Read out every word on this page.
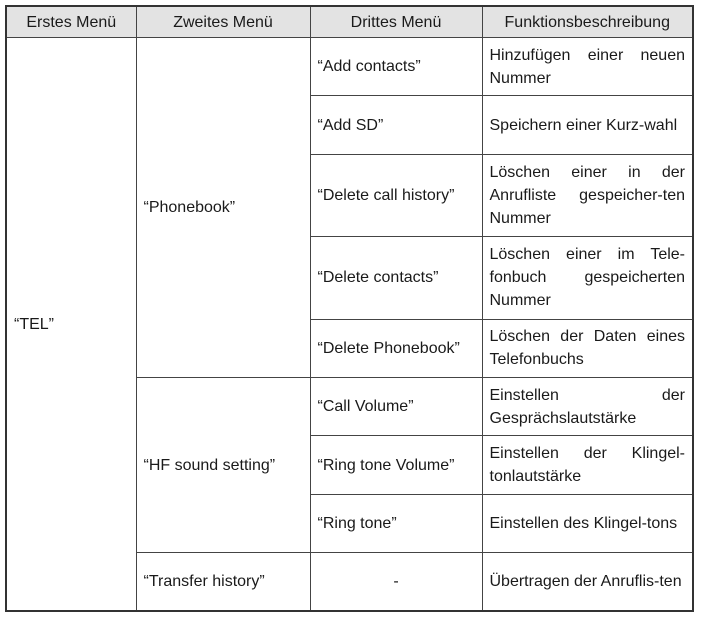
Erstes Menü	Zweites Menü	Drittes Menü	Funktionsbeschreibung
“TEL”	“Phonebook”	“Add contacts”	Hinzufügen einer neuen Nummer
		“Add SD”	Speichern einer Kurz-wahl
		“Delete call history”	Löschen einer in der Anrufliste gespeicher-ten Nummer
		“Delete contacts”	Löschen einer im Tele-fonbuch gespeicherten Nummer
		“Delete Phonebook”	Löschen der Daten eines Telefonbuchs
	“HF sound setting”	“Call Volume”	Einstellen der Gesprächslautstärke
		“Ring tone Volume”	Einstellen der Klingel-tonlautstärke
		“Ring tone”	Einstellen des Klingel-tons
	“Transfer history”	-	Übertragen der Anruflis-ten
